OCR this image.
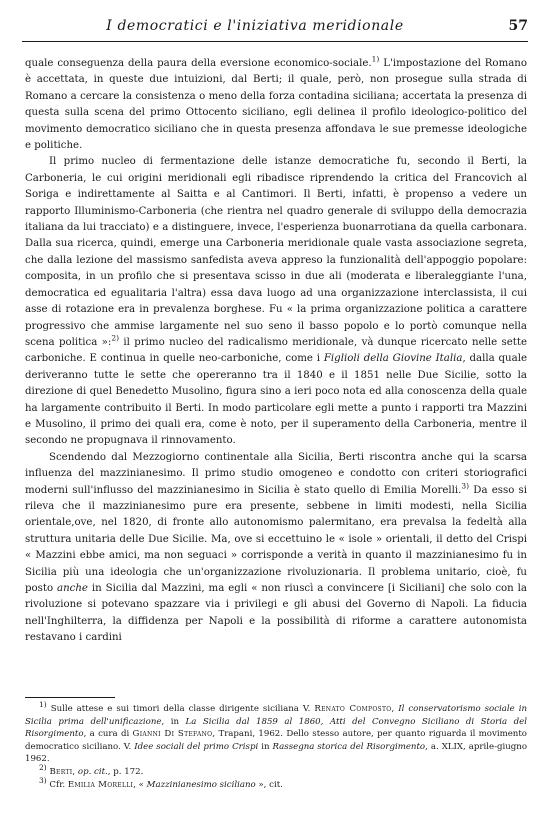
I democratici e l'iniziativa meridionale	57

quale conseguenza della paura della eversione economico-sociale.$^{1)}$ L'impostazione del Romano è accettata, in queste due intuizioni, dal Berti; il quale, però, non prosegue sulla strada di Romano a cercare la consistenza o meno della forza contadina siciliana; accertata la presenza di questa sulla scena del primo Ottocento siciliano, egli delinea il profilo ideologico-politico del movimento democratico siciliano che in questa presenza affondava le sue premesse ideologiche e politiche.

Il primo nucleo di fermentazione delle istanze democratiche fu, secondo il Berti, la Carboneria, le cui origini meridionali egli ribadisce riprendendo la critica del Francovich al Soriga e indirettamente al Saitta e al Cantimori. Il Berti, infatti, è propenso a vedere un rapporto Illuminismo-Carboneria (che rientra nel quadro generale di sviluppo della democrazia italiana da lui tracciato) e a distinguere, invece, l'esperienza buonarrotiana da quella carbonara. Dalla sua ricerca, quindi, emerge una Carboneria meridionale quale vasta associazione segreta, che dalla lezione del massismo sanfedista aveva appreso la funzionalità dell'appoggio popolare: composita, in un profilo che si presentava scisso in due ali (moderata e liberaleggiante l'una, democratica ed egualitaria l'altra) essa dava luogo ad una organizzazione interclassista, il cui asse di rotazione era in prevalenza borghese. Fu « la prima organizzazione politica a carattere progressivo che ammise largamente nel suo seno il basso popolo e lo portò comunque nella scena politica »:$^{2)}$ il primo nucleo del radicalismo meridionale, và dunque ricercato nelle sette carboniche. E continua in quelle neo-carboniche, come i Figlioli della Giovine Italia, dalla quale deriveranno tutte le sette che opereranno tra il 1840 e il 1851 nelle Due Sicilie, sotto la direzione di quel Benedetto Musolino, figura sino a ieri poco nota ed alla conoscenza della quale ha largamente contribuito il Berti. In modo particolare egli mette a punto i rapporti tra Mazzini e Musolino, il primo dei quali era, come è noto, per il superamento della Carboneria, mentre il secondo ne propugnava il rinnovamento.

Scendendo dal Mezzogiorno continentale alla Sicilia, Berti riscontra anche qui la scarsa influenza del mazzinianesimo. Il primo studio omogeneo e condotto con criteri storiografici moderni sull'influsso del mazzinianesimo in Sicilia è stato quello di Emilia Morelli.$^{3)}$ Da esso si rileva che il mazzinianesimo pure era presente, sebbene in limiti modesti, nella Sicilia orientale,ove, nel 1820, di fronte allo autonomismo palermitano, era prevalsa la fedeltà alla struttura unitaria delle Due Sicilie. Ma, ove si eccettuino le « isole » orientali, il detto del Crispi « Mazzini ebbe amici, ma non seguaci » corrisponde a verità in quanto il mazzinianesimo fu in Sicilia più una ideologia che un'organizzazione rivoluzionaria. Il problema unitario, cioè, fu posto anche in Sicilia dal Mazzini, ma egli « non riuscì a convincere [i Siciliani] che solo con la rivoluzione si potevano spazzare via i privilegi e gli abusi del Governo di Napoli. La fiducia nell'Inghilterra, la diffidenza per Napoli e la possibilità di riforme a carattere autonomista restavano i cardini

1) Sulle attese e sui timori della classe dirigente siciliana V. Renato Composto, Il conservatorismo sociale in Sicilia prima dell'unificazione, in La Sicilia dal 1859 al 1860, Atti del Convegno Siciliano di Storia del Risorgimento, a cura di Gianni Di Stefano, Trapani, 1962. Dello stesso autore, per quanto riguarda il movimento democratico siciliano. V. Idee sociali del primo Crispi in Rassegna storica del Risorgimento, a. XLIX, aprile-giugno 1962.

2) Berti, op. cit., p. 172.

3) Cfr. Emilia Morelli, « Mazzinianesimo siciliano », cit.
